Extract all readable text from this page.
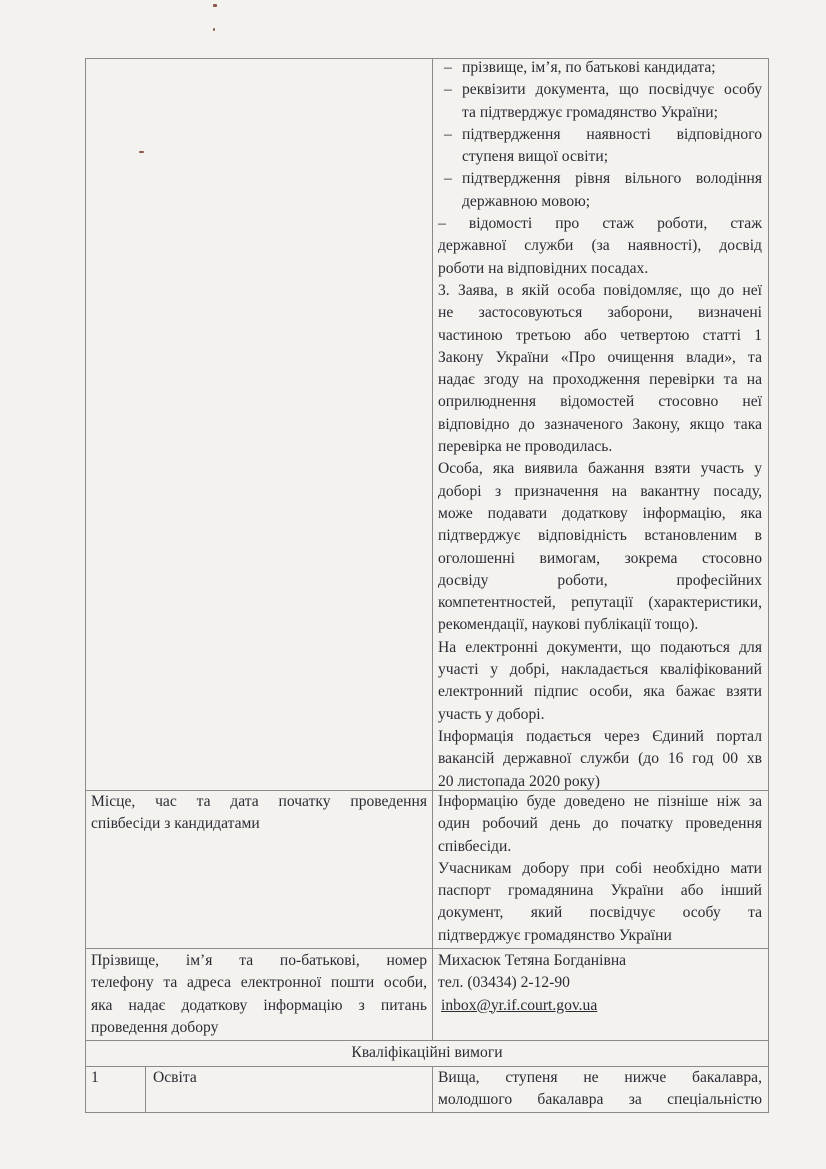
– прізвище, ім’я, по батькові кандидата;
– реквізити документа, що посвідчує особу
та підтверджує громадянство України;
– підтвердження наявності відповідного
ступеня вищої освіти;
– підтвердження рівня вільного володіння
державною мовою;
– відомості про стаж роботи, стаж
державної служби (за наявності), досвід
роботи на відповідних посадах.
3. Заява, в якій особа повідомляє, що до неї
не застосовуються заборони, визначені
частиною третьою або четвертою статті 1
Закону України «Про очищення влади», та
надає згоду на проходження перевірки та на
оприлюднення відомостей стосовно неї
відповідно до зазначеного Закону, якщо така
перевірка не проводилась.
Особа, яка виявила бажання взяти участь у
доборі з призначення на вакантну посаду,
може подавати додаткову інформацію, яка
підтверджує відповідність встановленим в
оголошенні вимогам, зокрема стосовно
досвіду роботи, професійних
компетентностей, репутації (характеристики,
рекомендації, наукові публікації тощо).
На електронні документи, що подаються для
участі у добрі, накладається кваліфікований
електронний підпис особи, яка бажає взяти
участь у доборі.
Інформація подається через Єдиний портал
вакансій державної служби (до 16 год 00 хв
20 листопада 2020 року)
Місце, час та дата початку проведення
співбесіди з кандидатами
Інформацію буде доведено не пізніше ніж за
один робочий день до початку проведення
співбесіди.
Учасникам добору при собі необхідно мати
паспорт громадянина України або інший
документ, який посвідчує особу та
підтверджує громадянство України
Прізвище, ім’я та по-батькові, номер
телефону та адреса електронної пошти особи,
яка надає додаткову інформацію з питань
проведення добору
Михасюк Тетяна Богданівна
тел. (03434) 2-12-90
inbox@yr.if.court.gov.ua
Кваліфікаційні вимоги
1	Освіта	Вища, ступеня не нижче бакалавра,
молодшого бакалавра за спеціальністю
